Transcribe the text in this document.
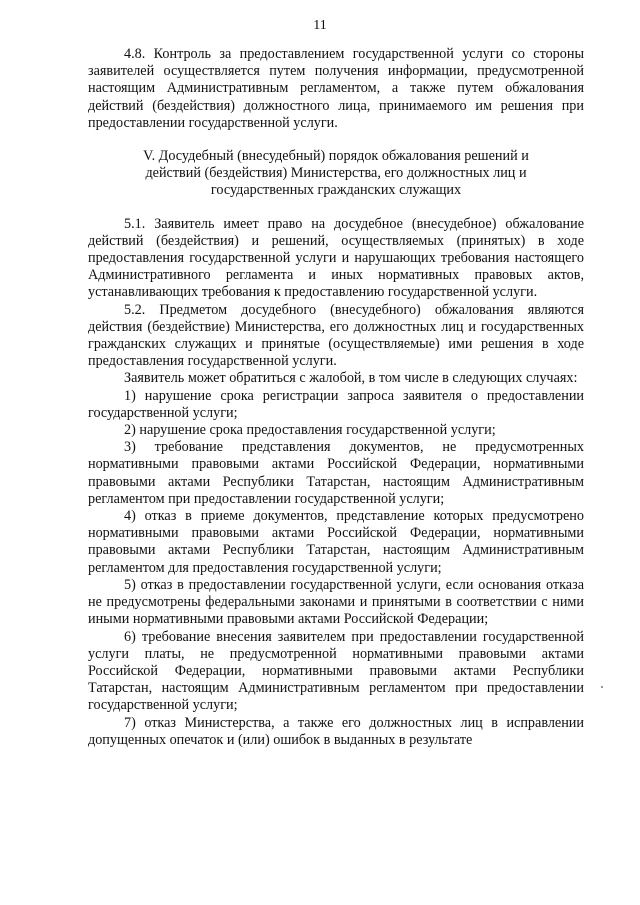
11

4.8. Контроль за предоставлением государственной услуги со стороны заявителей осуществляется путем получения информации, предусмотренной настоящим Административным регламентом, а также путем обжалования действий (бездействия) должностного лица, принимаемого им решения при предоставлении государственной услуги.

V. Досудебный (внесудебный) порядок обжалования решений и
действий (бездействия) Министерства, его должностных лиц и
государственных гражданских служащих

5.1. Заявитель имеет право на досудебное (внесудебное) обжалование действий (бездействия) и решений, осуществляемых (принятых) в ходе предоставления государственной услуги и нарушающих требования настоящего Административного регламента и иных нормативных правовых актов, устанавливающих требования к предоставлению государственной услуги.

5.2. Предметом досудебного (внесудебного) обжалования являются действия (бездействие) Министерства, его должностных лиц и государственных гражданских служащих и принятые (осуществляемые) ими решения в ходе предоставления государственной услуги.

Заявитель может обратиться с жалобой, в том числе в следующих случаях:

1) нарушение срока регистрации запроса заявителя о предоставлении государственной услуги;

2) нарушение срока предоставления государственной услуги;

3) требование представления документов, не предусмотренных нормативными правовыми актами Российской Федерации, нормативными правовыми актами Республики Татарстан, настоящим Административным регламентом при предоставлении государственной услуги;

4) отказ в приеме документов, представление которых предусмотрено нормативными правовыми актами Российской Федерации, нормативными правовыми актами Республики Татарстан, настоящим Административным регламентом для предоставления государственной услуги;

5) отказ в предоставлении государственной услуги, если основания отказа не предусмотрены федеральными законами и принятыми в соответствии с ними иными нормативными правовыми актами Российской Федерации;

6) требование внесения заявителем при предоставлении государственной услуги платы, не предусмотренной нормативными правовыми актами Российской Федерации, нормативными правовыми актами Республики Татарстан, настоящим Административным регламентом при предоставлении государственной услуги;

7) отказ Министерства, а также его должностных лиц в исправлении допущенных опечаток и (или) ошибок в выданных в результате
